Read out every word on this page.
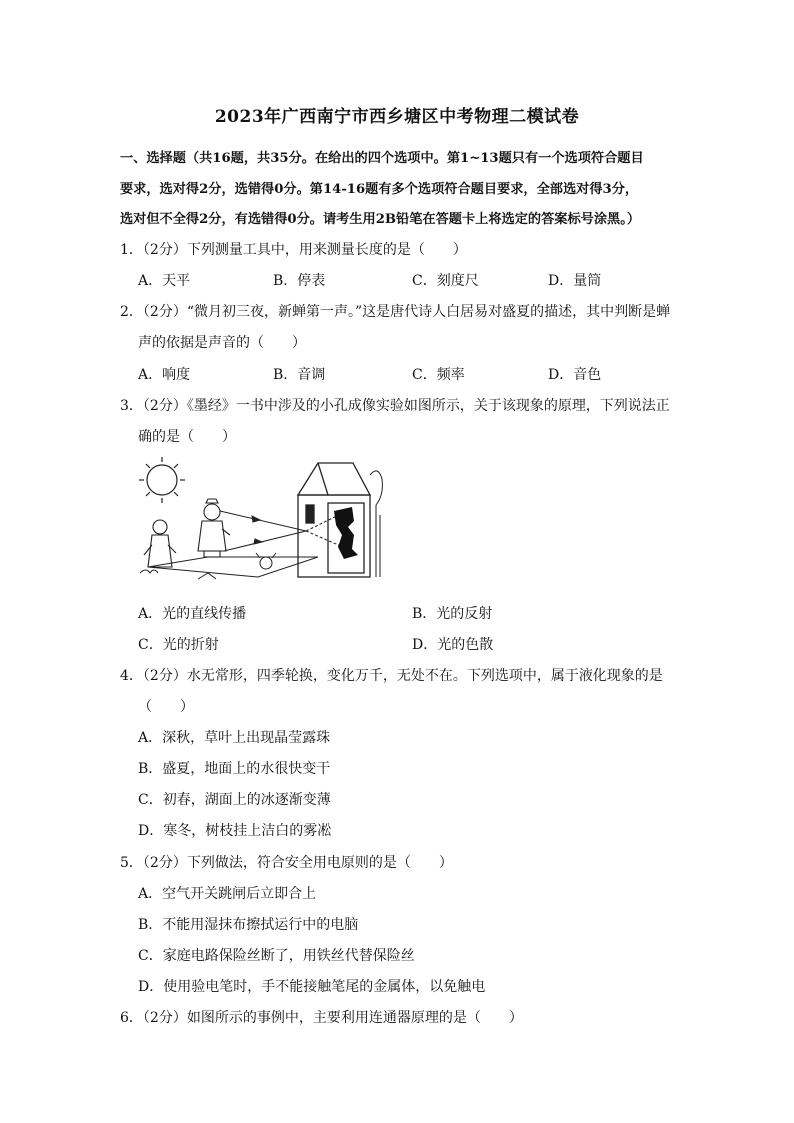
2023年广西南宁市西乡塘区中考物理二模试卷
一、选择题（共16题，共35分。在给出的四个选项中。第1~13题只有一个选项符合题目
要求，选对得2分，选错得0分。第14-16题有多个选项符合题目要求，全部选对得3分，
选对但不全得2分，有选错得0分。请考生用2B铅笔在答题卡上将选定的答案标号涂黑。）
1．（2分）下列测量工具中，用来测量长度的是（　　）
A．天平	B．停表	C．刻度尺	D．量筒
2．（2分）“微月初三夜，新蝉第一声。”这是唐代诗人白居易对盛夏的描述，其中判断是蝉
声的依据是声音的（　　）
A．响度	B．音调	C．频率	D．音色
3．（2分）《墨经》一书中涉及的小孔成像实验如图所示，关于该现象的原理，下列说法正
确的是（　　）
A．光的直线传播	B．光的反射
C．光的折射	D．光的色散
4．（2分）水无常形，四季轮换，变化万千，无处不在。下列选项中，属于液化现象的是
（　　）
A．深秋，草叶上出现晶莹露珠
B．盛夏，地面上的水很快变干
C．初春，湖面上的冰逐渐变薄
D．寒冬，树枝挂上洁白的雾凇
5．（2分）下列做法，符合安全用电原则的是（　　）
A．空气开关跳闸后立即合上
B．不能用湿抹布擦拭运行中的电脑
C．家庭电路保险丝断了，用铁丝代替保险丝
D．使用验电笔时，手不能接触笔尾的金属体，以免触电
6．（2分）如图所示的事例中，主要利用连通器原理的是（　　）
